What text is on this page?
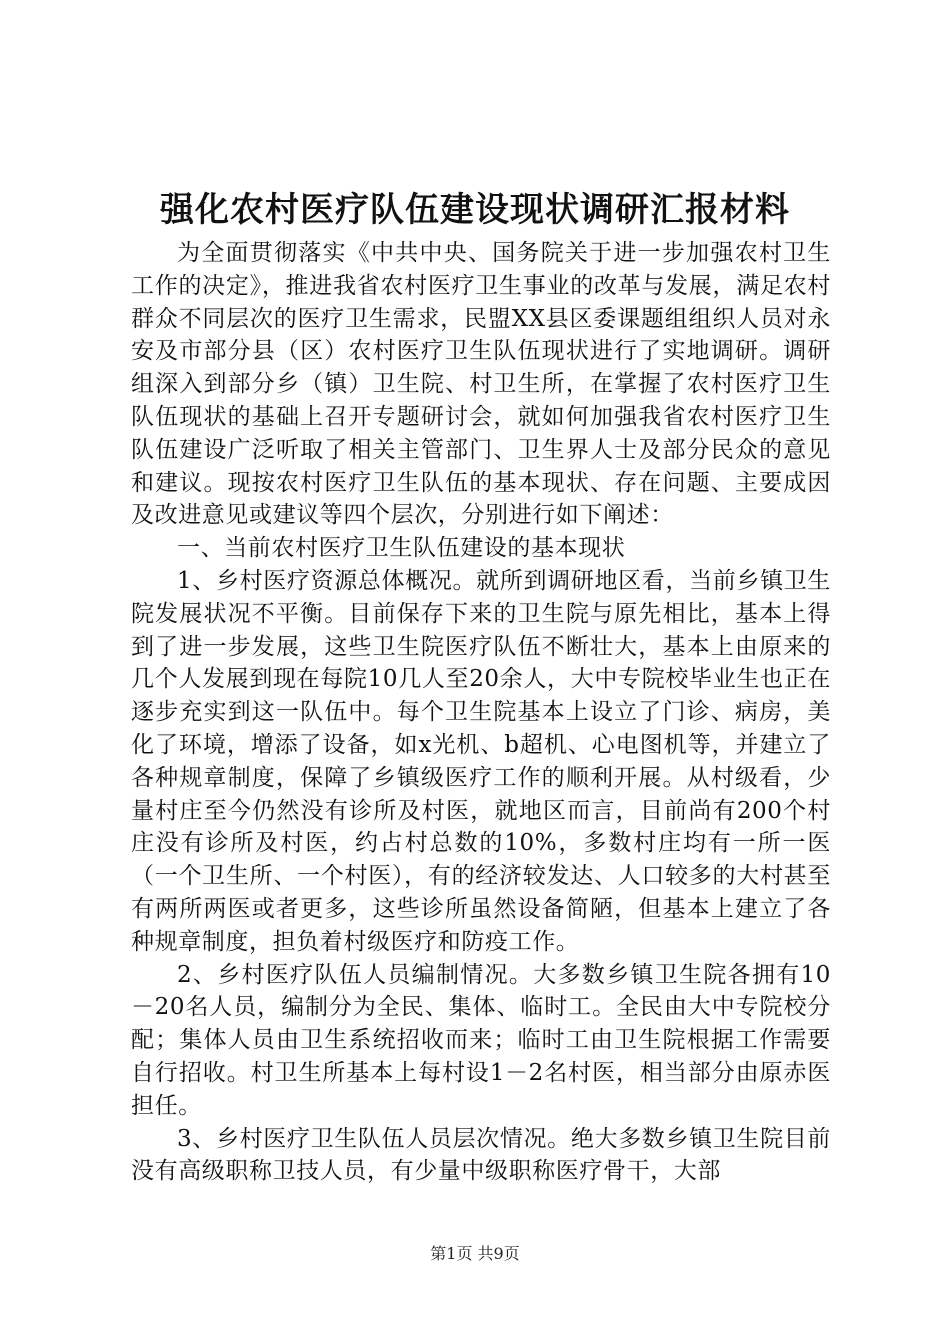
强化农村医疗队伍建设现状调研汇报材料

为全面贯彻落实《中共中央、国务院关于进一步加强农村卫生工作的决定》，推进我省农村医疗卫生事业的改革与发展，满足农村群众不同层次的医疗卫生需求，民盟XX县区委课题组组织人员对永安及市部分县（区）农村医疗卫生队伍现状进行了实地调研。调研组深入到部分乡（镇）卫生院、村卫生所，在掌握了农村医疗卫生队伍现状的基础上召开专题研讨会，就如何加强我省农村医疗卫生队伍建设广泛听取了相关主管部门、卫生界人士及部分民众的意见和建议。现按农村医疗卫生队伍的基本现状、存在问题、主要成因及改进意见或建议等四个层次，分别进行如下阐述：

一、当前农村医疗卫生队伍建设的基本现状

1、乡村医疗资源总体概况。就所到调研地区看，当前乡镇卫生院发展状况不平衡。目前保存下来的卫生院与原先相比，基本上得到了进一步发展，这些卫生院医疗队伍不断壮大，基本上由原来的几个人发展到现在每院10几人至20余人，大中专院校毕业生也正在逐步充实到这一队伍中。每个卫生院基本上设立了门诊、病房，美化了环境，增添了设备，如x光机、b超机、心电图机等，并建立了各种规章制度，保障了乡镇级医疗工作的顺利开展。从村级看，少量村庄至今仍然没有诊所及村医，就地区而言，目前尚有200个村庄没有诊所及村医，约占村总数的10%，多数村庄均有一所一医（一个卫生所、一个村医），有的经济较发达、人口较多的大村甚至有两所两医或者更多，这些诊所虽然设备简陋，但基本上建立了各种规章制度，担负着村级医疗和防疫工作。

2、乡村医疗队伍人员编制情况。大多数乡镇卫生院各拥有10－20名人员，编制分为全民、集体、临时工。全民由大中专院校分配；集体人员由卫生系统招收而来；临时工由卫生院根据工作需要自行招收。村卫生所基本上每村设1－2名村医，相当部分由原赤医担任。

3、乡村医疗卫生队伍人员层次情况。绝大多数乡镇卫生院目前没有高级职称卫技人员，有少量中级职称医疗骨干，大部

第1页 共9页
